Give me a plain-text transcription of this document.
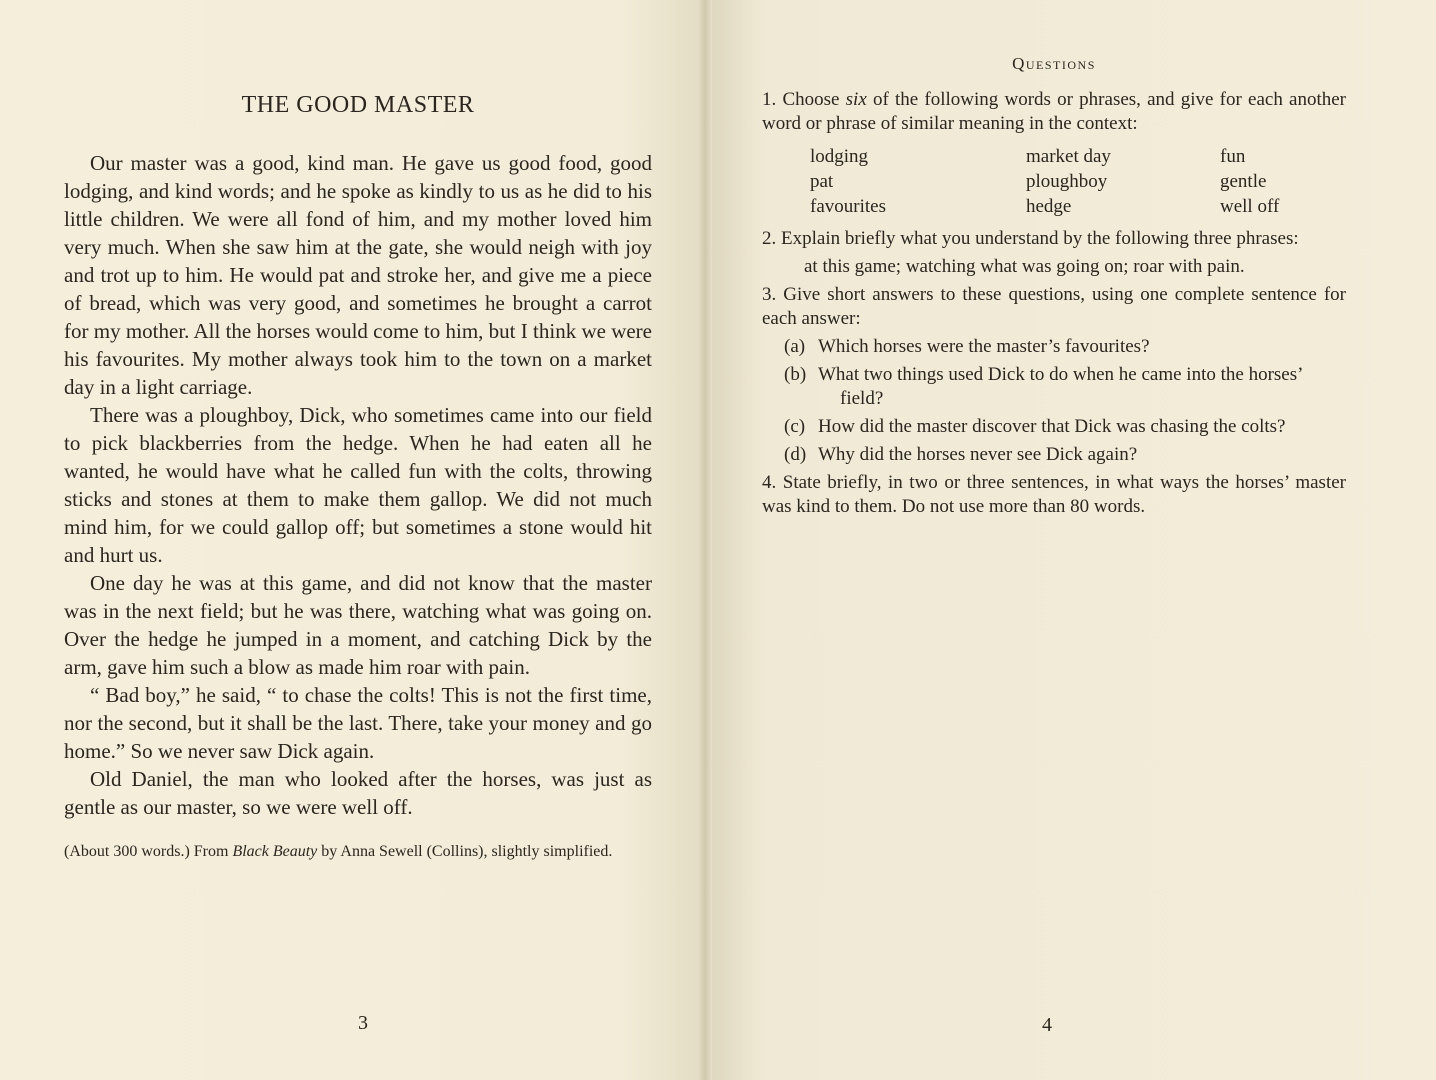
THE GOOD MASTER

Our master was a good, kind man. He gave us good food, good lodging, and kind words; and he spoke as kindly to us as he did to his little children. We were all fond of him, and my mother loved him very much. When she saw him at the gate, she would neigh with joy and trot up to him. He would pat and stroke her, and give me a piece of bread, which was very good, and sometimes he brought a carrot for my mother. All the horses would come to him, but I think we were his favourites. My mother always took him to the town on a market day in a light carriage.

There was a ploughboy, Dick, who sometimes came into our field to pick blackberries from the hedge. When he had eaten all he wanted, he would have what he called fun with the colts, throwing sticks and stones at them to make them gallop. We did not much mind him, for we could gallop off; but sometimes a stone would hit and hurt us.

One day he was at this game, and did not know that the master was in the next field; but he was there, watching what was going on. Over the hedge he jumped in a moment, and catching Dick by the arm, gave him such a blow as made him roar with pain.

“ Bad boy,” he said, “ to chase the colts! This is not the first time, nor the second, but it shall be the last. There, take your money and go home.” So we never saw Dick again.

Old Daniel, the man who looked after the horses, was just as gentle as our master, so we were well off.

(About 300 words.) From Black Beauty by Anna Sewell (Collins), slightly simplified.
3
Questions

1. Choose six of the following words or phrases, and give for each another word or phrase of similar meaning in the context:

lodging	market day	fun
pat	ploughboy	gentle
favourites	hedge	well off

2. Explain briefly what you understand by the following three phrases:

at this game; watching what was going on; roar with pain.

3. Give short answers to these questions, using one complete sentence for each answer:

(a) Which horses were the master’s favourites?
(b) What two things used Dick to do when he came into the horses’ field?
(c) How did the master discover that Dick was chasing the colts?
(d) Why did the horses never see Dick again?

4. State briefly, in two or three sentences, in what ways the horses’ master was kind to them. Do not use more than 80 words.

4
